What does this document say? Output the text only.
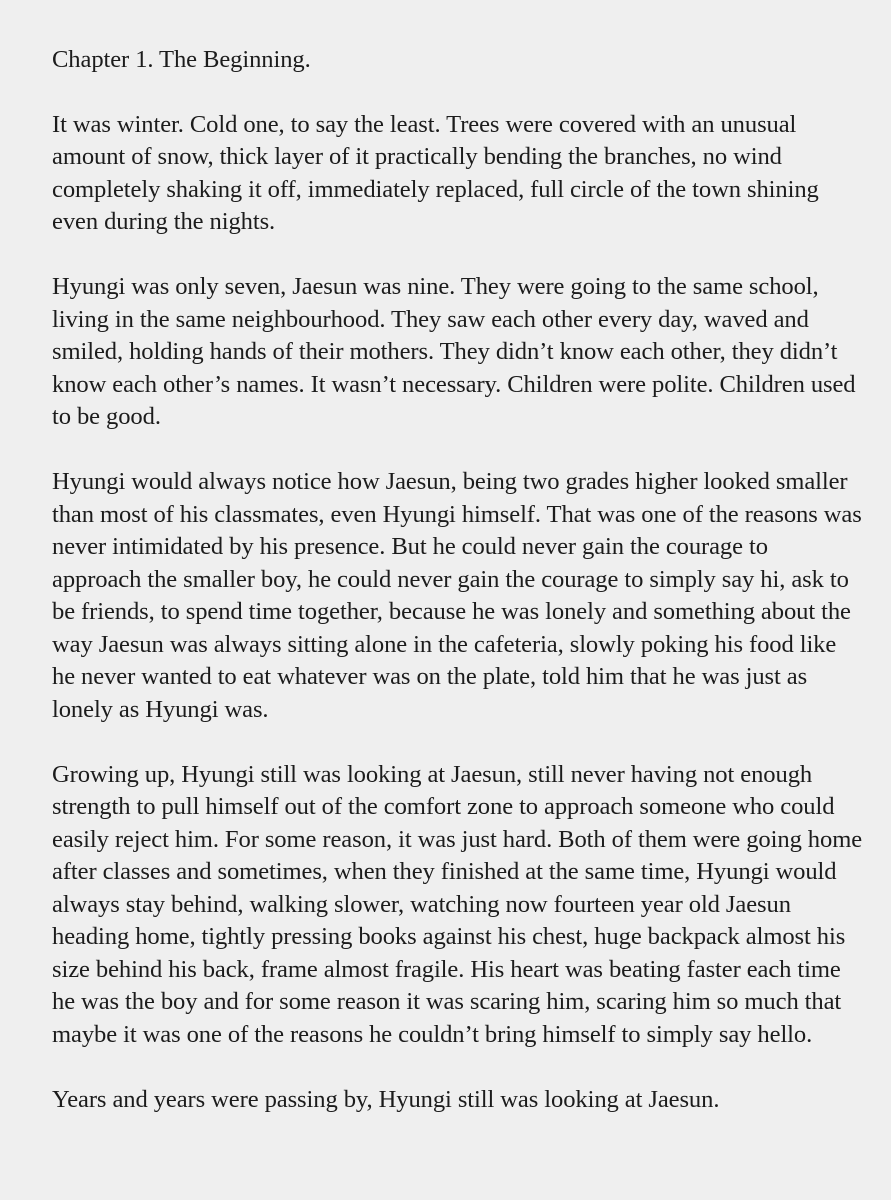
Chapter 1. The Beginning.

It was winter. Cold one, to say the least. Trees were covered with an unusual amount of snow, thick layer of it practically bending the branches, no wind completely shaking it off, immediately replaced, full circle of the town shining even during the nights.

Hyungi was only seven, Jaesun was nine. They were going to the same school, living in the same neighbourhood. They saw each other every day, waved and smiled, holding hands of their mothers. They didn’t know each other, they didn’t know each other’s names. It wasn’t necessary. Children were polite. Children used to be good.

Hyungi would always notice how Jaesun, being two grades higher looked smaller than most of his classmates, even Hyungi himself. That was one of the reasons was never intimidated by his presence. But he could never gain the courage to approach the smaller boy, he could never gain the courage to simply say hi, ask to be friends, to spend time together, because he was lonely and something about the way Jaesun was always sitting alone in the cafeteria, slowly poking his food like he never wanted to eat whatever was on the plate, told him that he was just as lonely as Hyungi was.

Growing up, Hyungi still was looking at Jaesun, still never having not enough strength to pull himself out of the comfort zone to approach someone who could easily reject him. For some reason, it was just hard. Both of them were going home after classes and sometimes, when they finished at the same time, Hyungi would always stay behind, walking slower, watching now fourteen year old Jaesun heading home, tightly pressing books against his chest, huge backpack almost his size behind his back, frame almost fragile. His heart was beating faster each time he was the boy and for some reason it was scaring him, scaring him so much that maybe it was one of the reasons he couldn’t bring himself to simply say hello.

Years and years were passing by, Hyungi still was looking at Jaesun.
